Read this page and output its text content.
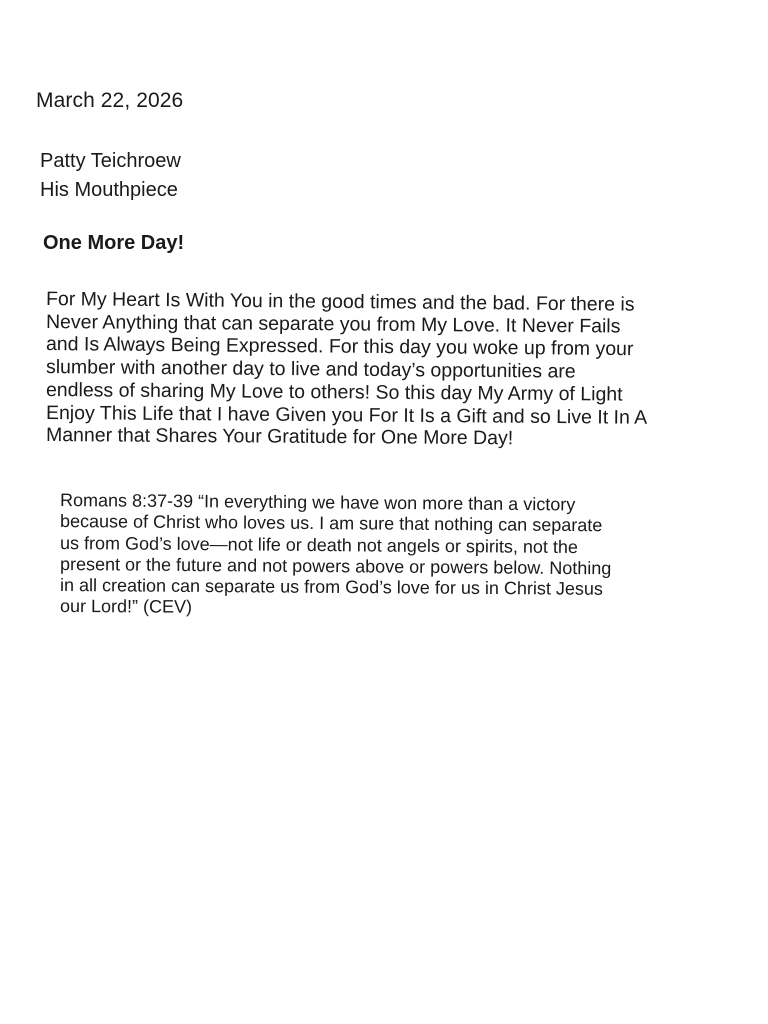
March 22, 2026
Patty Teichroew
His Mouthpiece
One More Day!

For My Heart Is With You in the good times and the bad. For there is
Never Anything that can separate you from My Love. It Never Fails
and Is Always Being Expressed. For this day you woke up from your
slumber with another day to live and today’s opportunities are
endless of sharing My Love to others! So this day My Army of Light
Enjoy This Life that I have Given you For It Is a Gift and so Live It In A
Manner that Shares Your Gratitude for One More Day!

Romans 8:37-39 “In everything we have won more than a victory
because of Christ who loves us. I am sure that nothing can separate
us from God’s love—not life or death not angels or spirits, not the
present or the future and not powers above or powers below. Nothing
in all creation can separate us from God’s love for us in Christ Jesus
our Lord!” (CEV)
